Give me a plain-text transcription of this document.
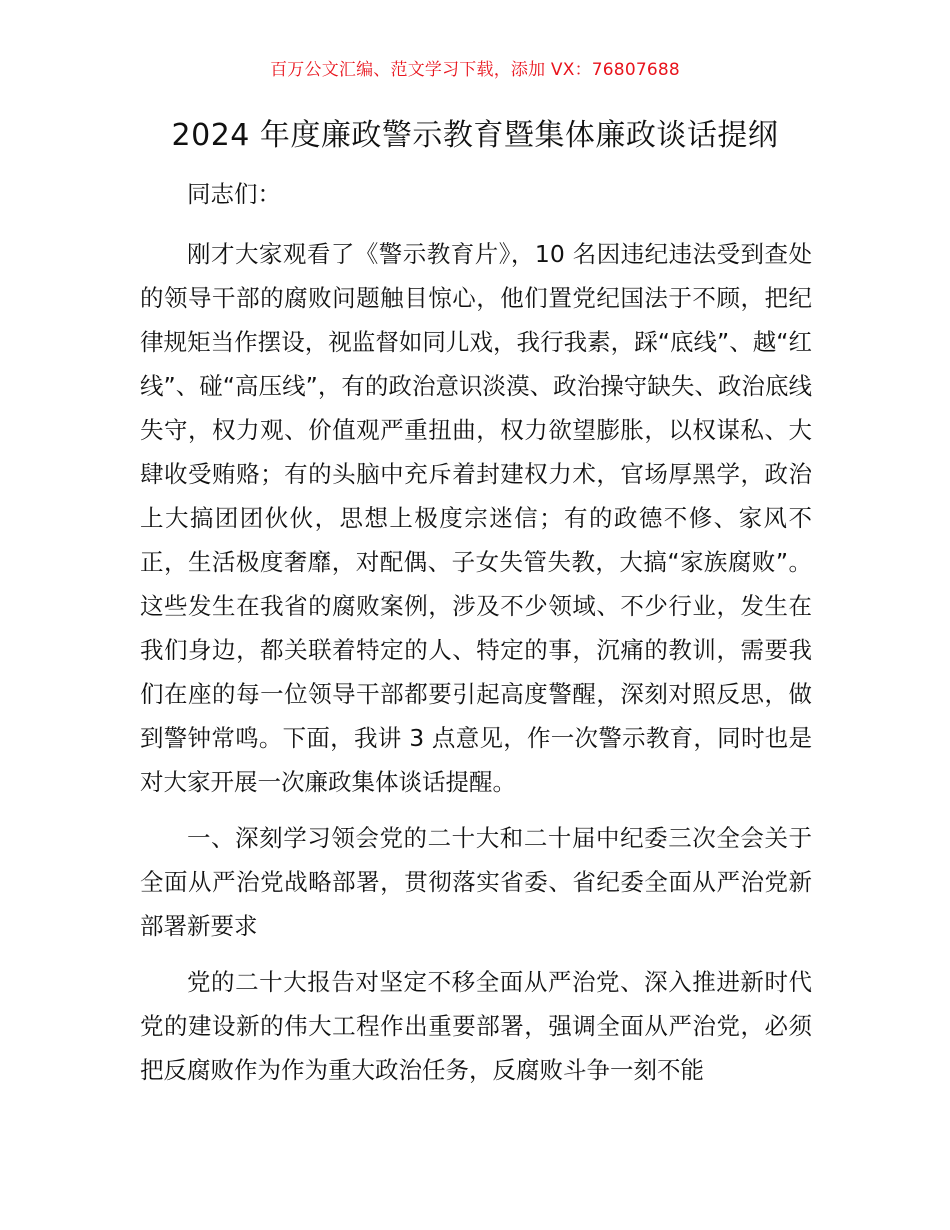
百万公文汇编、范文学习下载，添加 VX：76807688
2024 年度廉政警示教育暨集体廉政谈话提纲

同志们：

刚才大家观看了《警示教育片》，10 名因违纪违法受到查处的领导干部的腐败问题触目惊心，他们置党纪国法于不顾，把纪律规矩当作摆设，视监督如同儿戏，我行我素，踩“底线”、越“红线”、碰“高压线”，有的政治意识淡漠、政治操守缺失、政治底线失守，权力观、价值观严重扭曲，权力欲望膨胀，以权谋私、大肆收受贿赂；有的头脑中充斥着封建权力术，官场厚黑学，政治上大搞团团伙伙，思想上极度宗迷信；有的政德不修、家风不正，生活极度奢靡，对配偶、子女失管失教，大搞“家族腐败”。这些发生在我省的腐败案例，涉及不少领域、不少行业，发生在我们身边，都关联着特定的人、特定的事，沉痛的教训，需要我们在座的每一位领导干部都要引起高度警醒，深刻对照反思，做到警钟常鸣。下面，我讲 3 点意见，作一次警示教育，同时也是对大家开展一次廉政集体谈话提醒。

一、深刻学习领会党的二十大和二十届中纪委三次全会关于全面从严治党战略部署，贯彻落实省委、省纪委全面从严治党新部署新要求

党的二十大报告对坚定不移全面从严治党、深入推进新时代党的建设新的伟大工程作出重要部署，强调全面从严治党，必须把反腐败作为作为重大政治任务，反腐败斗争一刻不能
